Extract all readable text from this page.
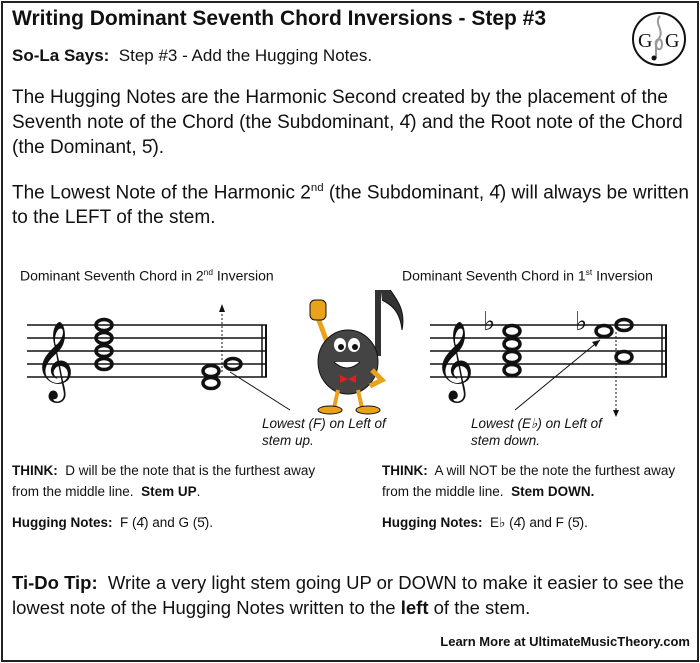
Writing Dominant Seventh Chord Inversions - Step #3
G G
So-La Says: Step #3 - Add the Hugging Notes.
The Hugging Notes are the Harmonic Second created by the placement of the Seventh note of the Chord (the Subdominant, 4̂) and the Root note of the Chord (the Dominant, 5̂).
The Lowest Note of the Harmonic 2nd (the Subdominant, 4̂) will always be written to the LEFT of the stem.
Dominant Seventh Chord in 2nd Inversion	Dominant Seventh Chord in 1st Inversion
𝄞	𝄞 ♭	♭
Lowest (F) on Left of stem up.
Lowest (E♭) on Left of stem down.
THINK: D will be the note that is the furthest away from the middle line. Stem UP.
Hugging Notes: F (4̂) and G (5̂).
THINK: A will NOT be the note the furthest away from the middle line. Stem DOWN.
Hugging Notes: E♭ (4̂) and F (5̂).
Ti-Do Tip: Write a very light stem going UP or DOWN to make it easier to see the lowest note of the Hugging Notes written to the left of the stem.
Learn More at UltimateMusicTheory.com
